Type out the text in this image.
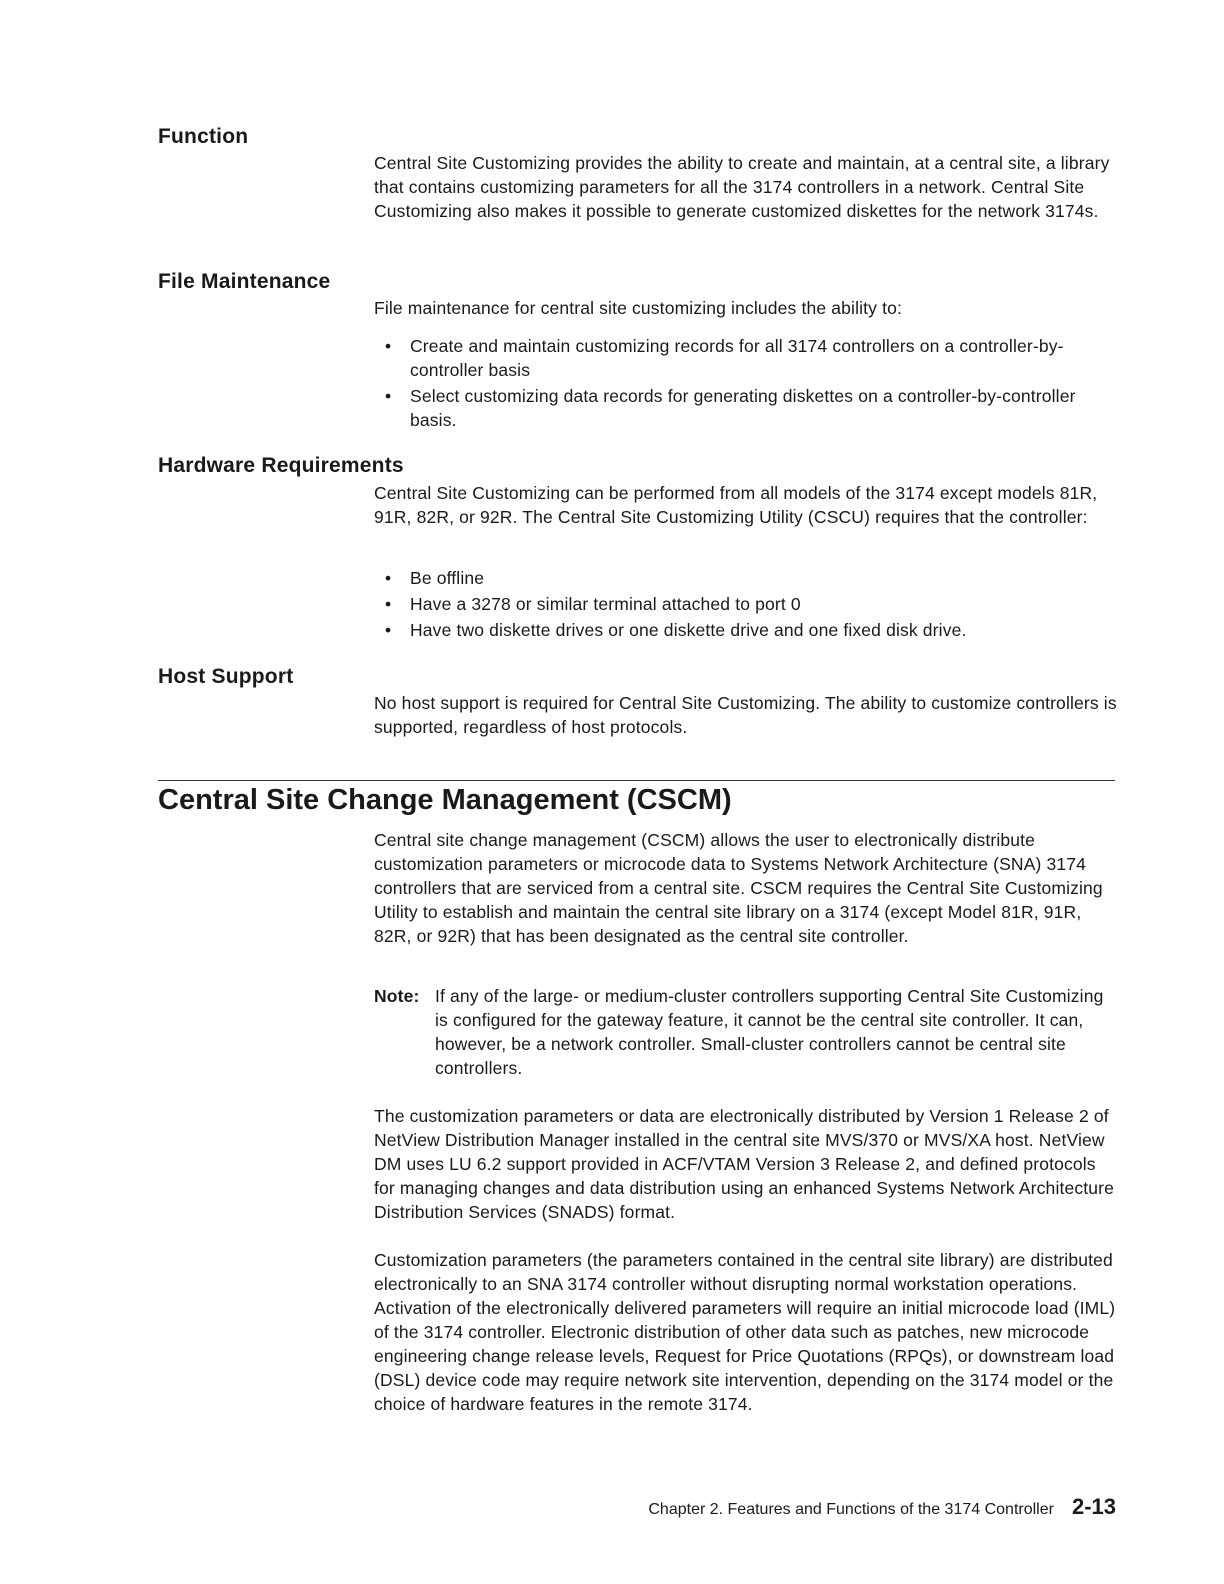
Function

Central Site Customizing provides the ability to create and maintain, at a central site, a library that contains customizing parameters for all the 3174 controllers in a network. Central Site Customizing also makes it possible to generate customized diskettes for the network 3174s.

File Maintenance

File maintenance for central site customizing includes the ability to:

• Create and maintain customizing records for all 3174 controllers on a controller-by-controller basis
• Select customizing data records for generating diskettes on a controller-by-controller basis.
Hardware Requirements

Central Site Customizing can be performed from all models of the 3174 except models 81R, 91R, 82R, or 92R. The Central Site Customizing Utility (CSCU) requires that the controller:

• Be offline
• Have a 3278 or similar terminal attached to port 0
• Have two diskette drives or one diskette drive and one fixed disk drive.
Host Support

No host support is required for Central Site Customizing. The ability to customize controllers is supported, regardless of host protocols.

Central Site Change Management (CSCM)

Central site change management (CSCM) allows the user to electronically distribute customization parameters or microcode data to Systems Network Architecture (SNA) 3174 controllers that are serviced from a central site. CSCM requires the Central Site Customizing Utility to establish and maintain the central site library on a 3174 (except Model 81R, 91R, 82R, or 92R) that has been designated as the central site controller.

Note: If any of the large- or medium-cluster controllers supporting Central Site Customizing is configured for the gateway feature, it cannot be the central site controller. It can, however, be a network controller. Small-cluster controllers cannot be central site controllers.

The customization parameters or data are electronically distributed by Version 1 Release 2 of NetView Distribution Manager installed in the central site MVS/370 or MVS/XA host. NetView DM uses LU 6.2 support provided in ACF/VTAM Version 3 Release 2, and defined protocols for managing changes and data distribution using an enhanced Systems Network Architecture Distribution Services (SNADS) format.

Customization parameters (the parameters contained in the central site library) are distributed electronically to an SNA 3174 controller without disrupting normal workstation operations. Activation of the electronically delivered parameters will require an initial microcode load (IML) of the 3174 controller. Electronic distribution of other data such as patches, new microcode engineering change release levels, Request for Price Quotations (RPQs), or downstream load (DSL) device code may require network site intervention, depending on the 3174 model or the choice of hardware features in the remote 3174.

Chapter 2. Features and Functions of the 3174 Controller 2-13
